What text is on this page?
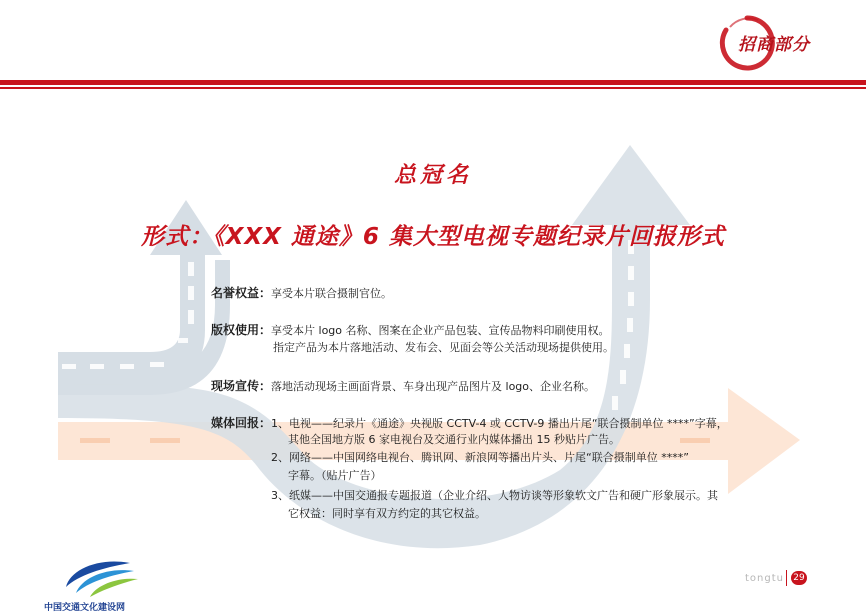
招商部分
总冠名
形式：《XXX 通途》6 集大型电视专题纪录片回报形式
名誉权益：享受本片联合摄制官位。
版权使用：享受本片 logo 名称、图案在企业产品包装、宣传品物料印刷使用权。
指定产品为本片落地活动、发布会、见面会等公关活动现场提供使用。
现场宣传：落地活动现场主画面背景、车身出现产品图片及 logo、企业名称。
媒体回报：1、电视——纪录片《通途》央视版 CCTV-4 或 CCTV-9 播出片尾“联合摄制单位 ****”字幕，
其他全国地方版 6 家电视台及交通行业内媒体播出 15 秒贴片广告。
2、网络——中国网络电视台、腾讯网、新浪网等播出片头、片尾“联合摄制单位 ****”
字幕。（贴片广告）
3、纸媒——中国交通报专题报道（企业介绍、人物访谈等形象软文广告和硬广形象展示。其
它权益：同时享有双方约定的其它权益。
中国交通文化建设网
tongtu 29
